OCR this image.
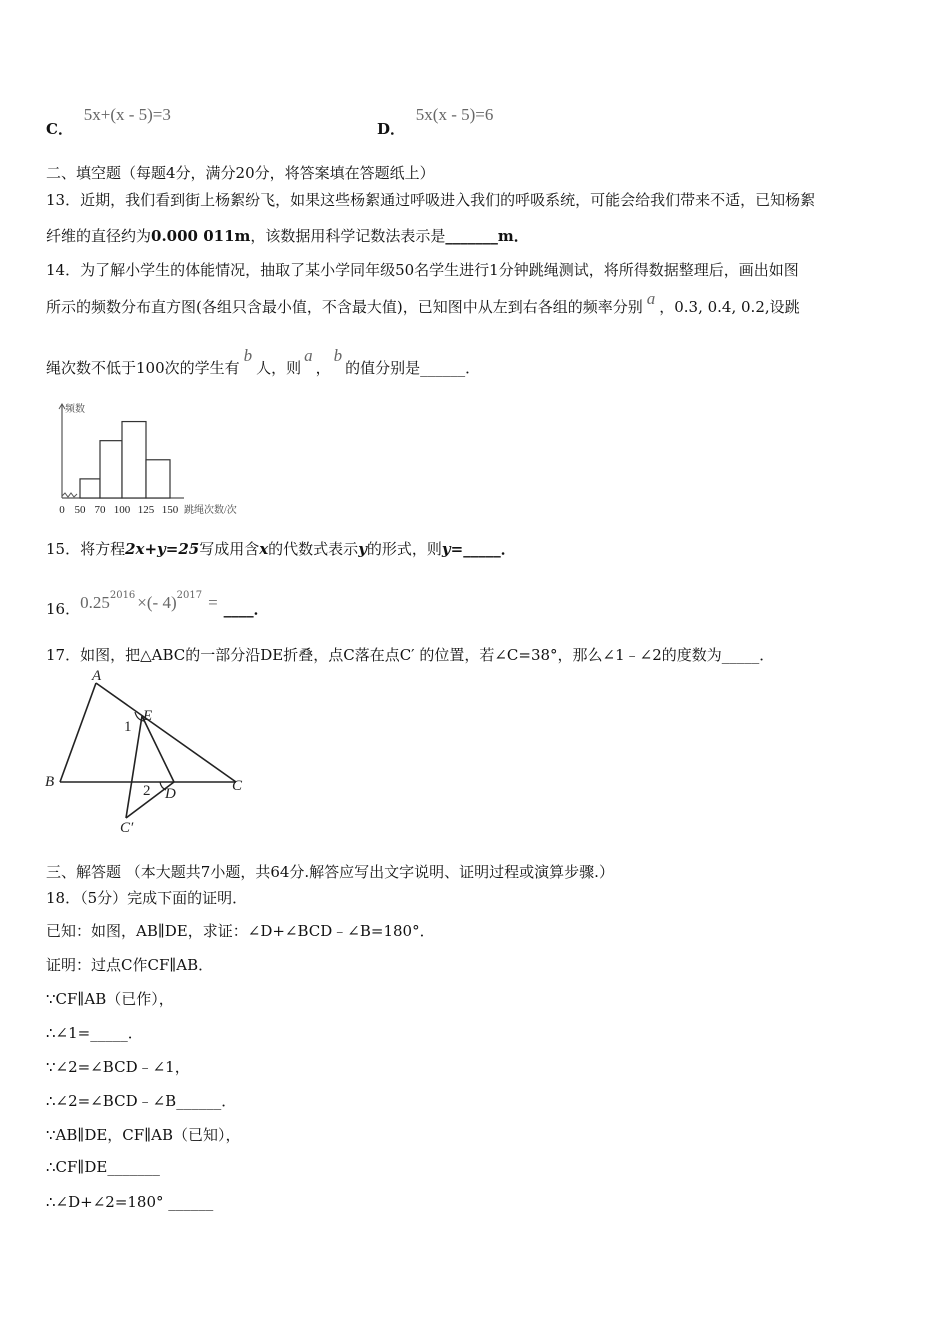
C． 5x+(x - 5)=3
D． 5x(x - 5)=6
二、填空题（每题4分，满分20分，将答案填在答题纸上）
13．近期，我们看到街上杨絮纷飞，如果这些杨絮通过呼吸进入我们的呼吸系统，可能会给我们带来不适，已知杨絮
纤维的直径约为0.000 011m，该数据用科学记数法表示是_______m．
14．为了解小学生的体能情况，抽取了某小学同年级50名学生进行1分钟跳绳测试，将所得数据整理后，画出如图
所示的频数分布直方图(各组只含最小值，不含最大值)，已知图中从左到右各组的频率分别 a ，0.3, 0.4, 0.2,设跳
绳次数不低于100次的学生有b人，则a，b的值分别是______．
0 50 70 100 125 150
频数
跳绳次数/次
15．将方程2x+y=25写成用含x的代数式表示y的形式，则y=_____．
16．$0.25^{2016}$ ×(- 4)$^{2017}$ = ____．
17．如图，把△ABC的一部分沿DE折叠，点C落在点C′ 的位置，若∠C=38°，那么∠1﹣∠2的度数为_____．
A
E
1
B
2 D	C
C′
三、解答题 （本大题共7小题，共64分.解答应写出文字说明、证明过程或演算步骤.）
18．（5分）完成下面的证明．
已知：如图，AB∥DE，求证：∠D+∠BCD﹣∠B=180°．
证明：过点C作CF∥AB．
∵CF∥AB（已作），
∴∠1=_____．
∵∠2=∠BCD﹣∠1，
∴∠2=∠BCD﹣∠B______．
∵AB∥DE，CF∥AB（已知），
∴CF∥DE_______
∴∠D+∠2=180° ______
